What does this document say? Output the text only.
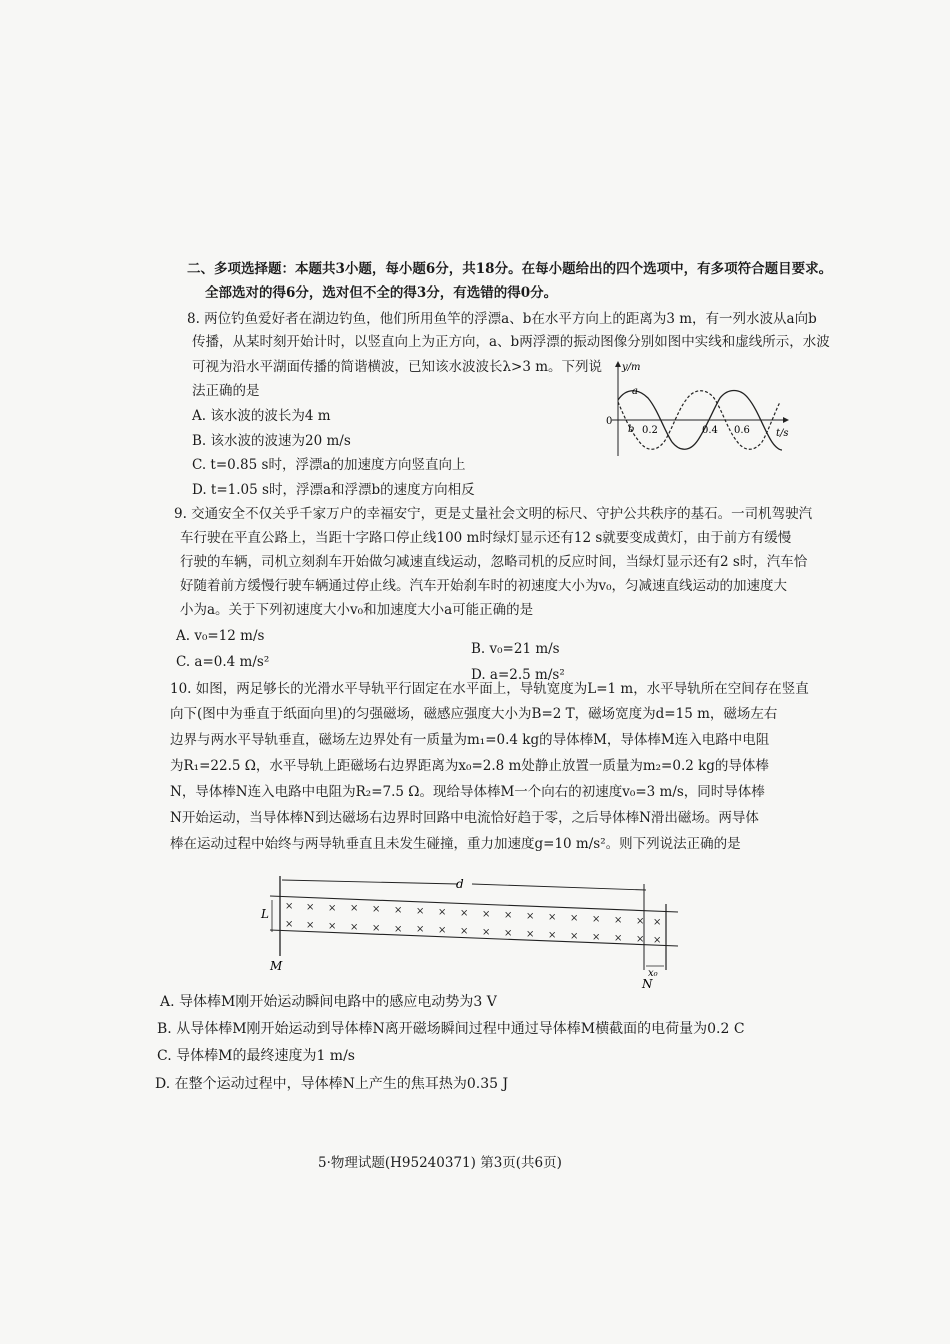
二、多项选择题：本题共3小题，每小题6分，共18分。在每小题给出的四个选项中，有多项符合题目要求。
全部选对的得6分，选对但不全的得3分，有选错的得0分。
8. 两位钓鱼爱好者在湖边钓鱼，他们所用鱼竿的浮漂a、b在水平方向上的距离为3 m，有一列水波从a向b
传播，从某时刻开始计时，以竖直向上为正方向，a、b两浮漂的振动图像分别如图中实线和虚线所示，水波
可视为沿水平湖面传播的简谐横波，已知该水波波长λ>3 m。下列说
法正确的是
A. 该水波的波长为4 m
B. 该水波的波速为20 m/s
C. t=0.85 s时，浮漂a的加速度方向竖直向上
D. t=1.05 s时，浮漂a和浮漂b的速度方向相反
y/m
t/s
0
a
b 0.2	0.4 0.6
9. 交通安全不仅关乎千家万户的幸福安宁，更是丈量社会文明的标尺、守护公共秩序的基石。一司机驾驶汽
车行驶在平直公路上，当距十字路口停止线100 m时绿灯显示还有12 s就要变成黄灯，由于前方有缓慢
行驶的车辆，司机立刻刹车开始做匀减速直线运动，忽略司机的反应时间，当绿灯显示还有2 s时，汽车恰
好随着前方缓慢行驶车辆通过停止线。汽车开始刹车时的初速度大小为v₀，匀减速直线运动的加速度大
小为a。关于下列初速度大小v₀和加速度大小a可能正确的是
A. v₀=12 m/s
B. v₀=21 m/s
C. a=0.4 m/s²
D. a=2.5 m/s²
10. 如图，两足够长的光滑水平导轨平行固定在水平面上，导轨宽度为L=1 m，水平导轨所在空间存在竖直
向下(图中为垂直于纸面向里)的匀强磁场，磁感应强度大小为B=2 T，磁场宽度为d=15 m，磁场左右
边界与两水平导轨垂直，磁场左边界处有一质量为m₁=0.4 kg的导体棒M，导体棒M连入电路中电阻
为R₁=22.5 Ω，水平导轨上距磁场右边界距离为x₀=2.8 m处静止放置一质量为m₂=0.2 kg的导体棒
N，导体棒N连入电路中电阻为R₂=7.5 Ω。现给导体棒M一个向右的初速度v₀=3 m/s，同时导体棒
N开始运动，当导体棒N到达磁场右边界时回路中电流恰好趋于零，之后导体棒N滑出磁场。两导体
棒在运动过程中始终与两导轨垂直且未发生碰撞，重力加速度g=10 m/s²。则下列说法正确的是
d
L
x₀
M
N
× × × × × × × × × × × × × × × × × ×
× × × × × × × × × × × × × × × × × ×
A. 导体棒M刚开始运动瞬间电路中的感应电动势为3 V
B. 从导体棒M刚开始运动到导体棒N离开磁场瞬间过程中通过导体棒M横截面的电荷量为0.2 C
C. 导体棒M的最终速度为1 m/s
D. 在整个运动过程中，导体棒N上产生的焦耳热为0.35 J
5·物理试题(H95240371) 第3页(共6页)
